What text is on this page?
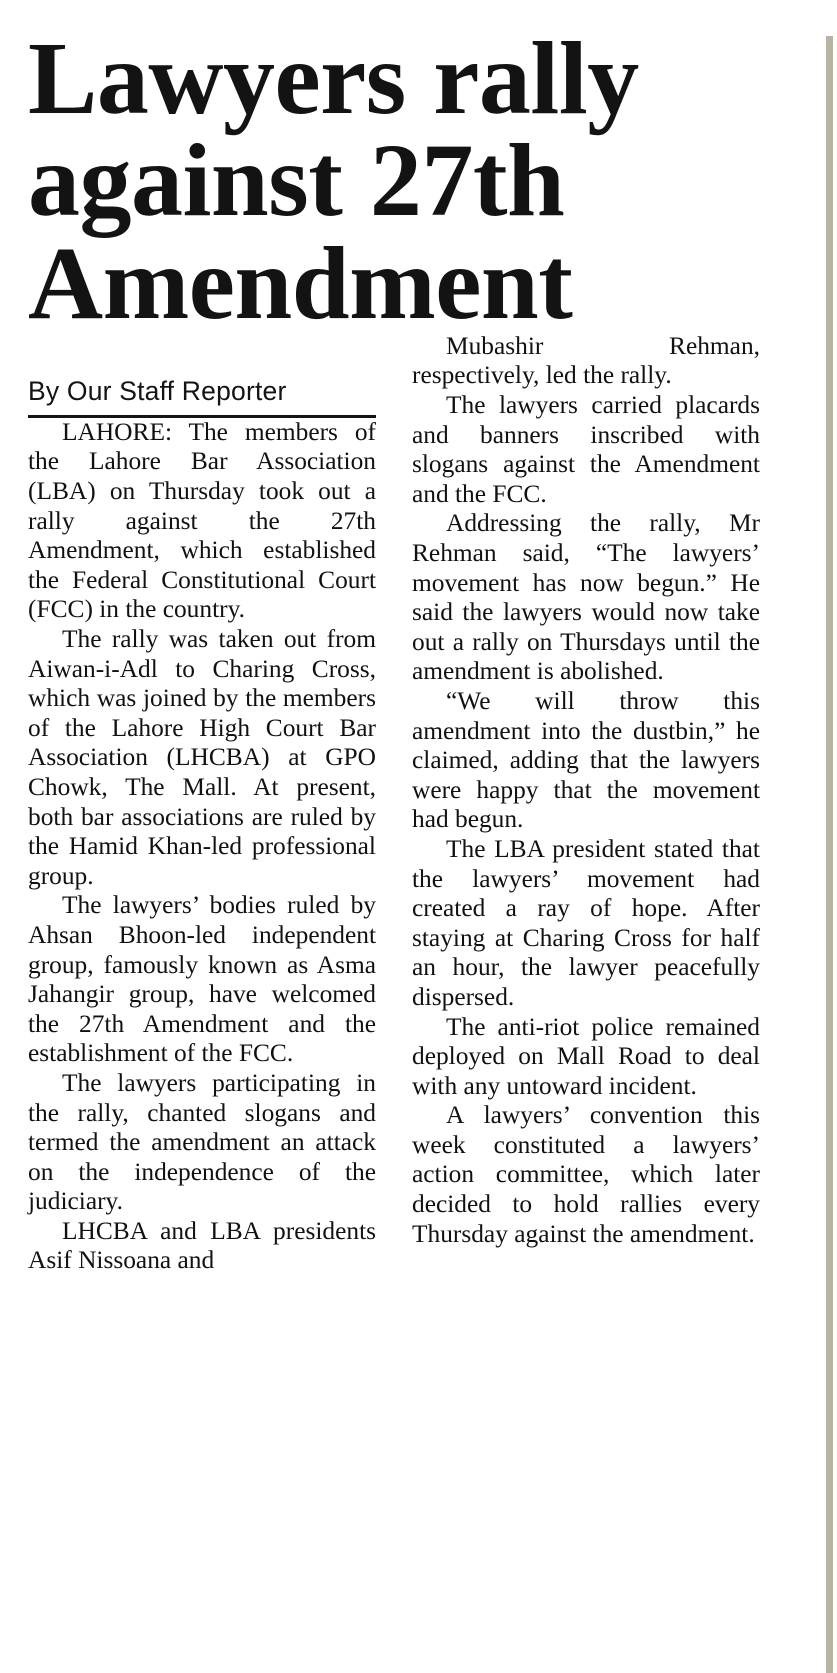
Lawyers rally against 27th Amendment
By Our Staff Reporter

LAHORE: The members of the Lahore Bar Association (LBA) on Thursday took out a rally against the 27th Amendment, which established the Federal Constitutional Court (FCC) in the country.

The rally was taken out from Aiwan-i-Adl to Charing Cross, which was joined by the members of the Lahore High Court Bar Association (LHCBA) at GPO Chowk, The Mall. At present, both bar associations are ruled by the Hamid Khan-led professional group.

The lawyers’ bodies ruled by Ahsan Bhoon-led independent group, famously known as Asma Jahangir group, have welcomed the 27th Amendment and the establishment of the FCC.

The lawyers participating in the rally, chanted slogans and termed the amendment an attack on the independence of the judiciary.

LHCBA and LBA presidents Asif Nissoana and

Mubashir Rehman, respectively, led the rally.

The lawyers carried placards and banners inscribed with slogans against the Amendment and the FCC.

Addressing the rally, Mr Rehman said, “The lawyers’ movement has now begun.” He said the lawyers would now take out a rally on Thursdays until the amendment is abolished.

“We will throw this amendment into the dustbin,” he claimed, adding that the lawyers were happy that the movement had begun.

The LBA president stated that the lawyers’ movement had created a ray of hope. After staying at Charing Cross for half an hour, the lawyer peacefully dispersed.

The anti-riot police remained deployed on Mall Road to deal with any untoward incident.

A lawyers’ convention this week constituted a lawyers’ action committee, which later decided to hold rallies every Thursday against the amendment.
